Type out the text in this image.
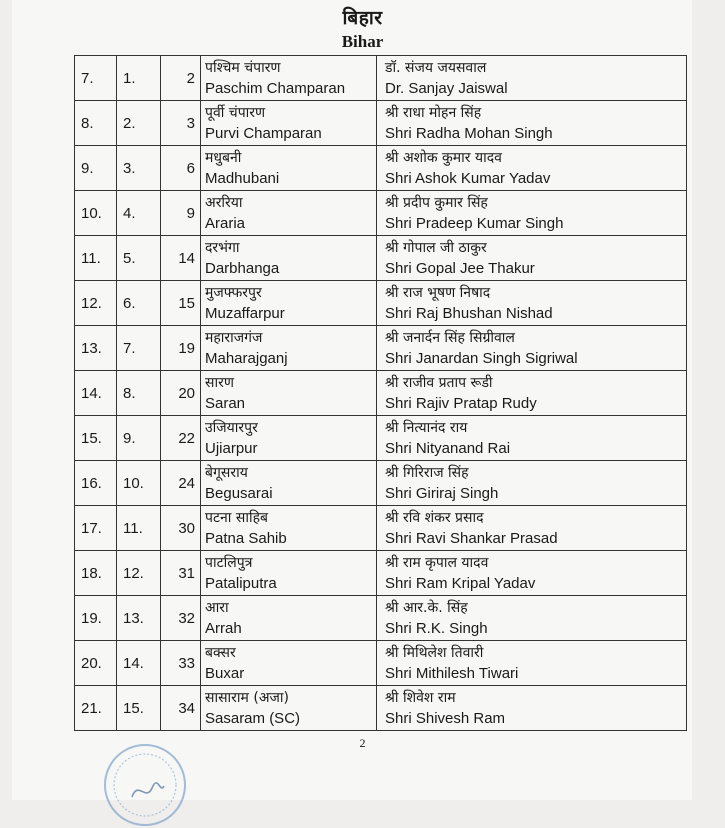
बिहार
Bihar
7.	1.	2	पश्चिम चंपारण
Paschim Champaran	डॉ. संजय जयसवाल
Dr. Sanjay Jaiswal

8.	2.	3	पूर्वी चंपारण
Purvi Champaran	श्री राधा मोहन सिंह
Shri Radha Mohan Singh

9.	3.	6	मधुबनी
Madhubani	श्री अशोक कुमार यादव
Shri Ashok Kumar Yadav

10.	4.	9	अररिया
Araria	श्री प्रदीप कुमार सिंह
Shri Pradeep Kumar Singh

11.	5.	14	दरभंगा
Darbhanga	श्री गोपाल जी ठाकुर
Shri Gopal Jee Thakur

12.	6.	15	मुजफ्फरपुर
Muzaffarpur	श्री राज भूषण निषाद
Shri Raj Bhushan Nishad

13.	7.	19	महाराजगंज
Maharajganj	श्री जनार्दन सिंह सिग्रीवाल
Shri Janardan Singh Sigriwal

14.	8.	20	सारण
Saran	श्री राजीव प्रताप रूडी
Shri Rajiv Pratap Rudy

15.	9.	22	उजियारपुर
Ujiarpur	श्री नित्यानंद राय
Shri Nityanand Rai

16.	10.	24	बेगूसराय
Begusarai	श्री गिरिराज सिंह
Shri Giriraj Singh

17.	11.	30	पटना साहिब
Patna Sahib	श्री रवि शंकर प्रसाद
Shri Ravi Shankar Prasad

18.	12.	31	पाटलिपुत्र
Pataliputra	श्री राम कृपाल यादव
Shri Ram Kripal Yadav

19.	13.	32	आरा
Arrah	श्री आर.के. सिंह
Shri R.K. Singh

20.	14.	33	बक्सर
Buxar	श्री मिथिलेश तिवारी
Shri Mithilesh Tiwari

21.	15.	34	सासाराम (अजा)
Sasaram (SC)	श्री शिवेश राम
Shri Shivesh Ram
2
